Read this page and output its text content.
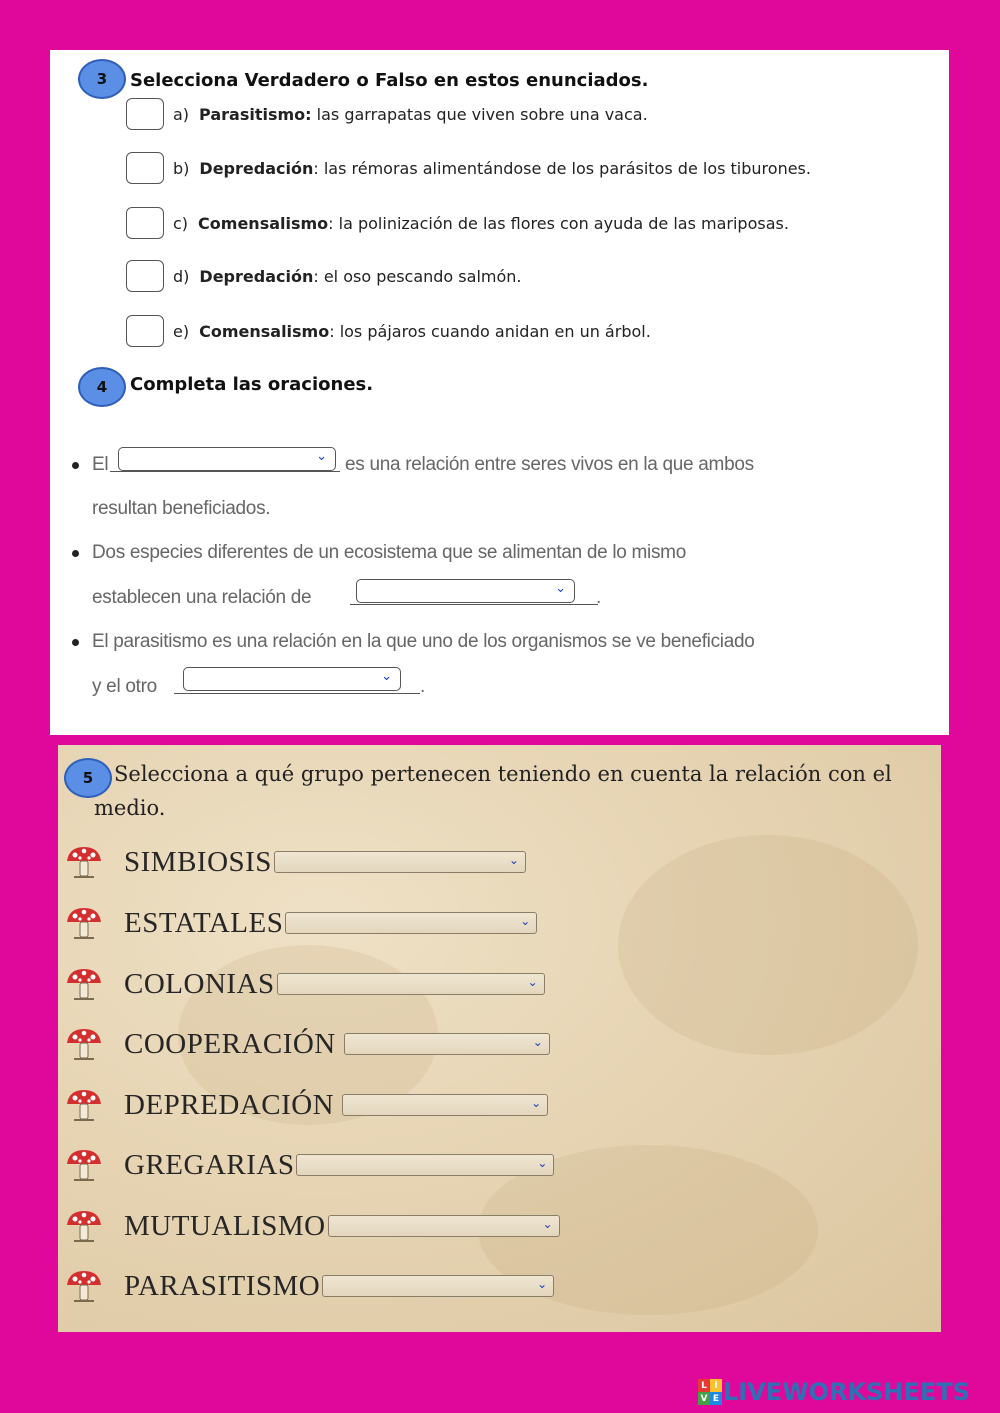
3	Selecciona Verdadero o Falso en estos enunciados.
a) Parasitismo: las garrapatas que viven sobre una vaca.
b) Depredación: las rémoras alimentándose de los parásitos de los tiburones.
c) Comensalismo: la polinización de las flores con ayuda de las mariposas.
d) Depredación: el oso pescando salmón.
e) Comensalismo: los pájaros cuando anidan en un árbol.
4	Completa las oraciones.
El	⌄ es una relación entre seres vivos en la que ambos
resultan beneficiados.
Dos especies diferentes de un ecosistema que se alimentan de lo mismo
establecen una relación de	⌄ .
El parasitismo es una relación en la que uno de los organismos se ve beneficiado
y el otro	⌄ .
5 Selecciona a qué grupo pertenecen teniendo en cuenta la relación con el medio.
SIMBIOSIS	⌄
ESTATALES	⌄
COLONIAS	⌄
COOPERACIÓN	⌄
DEPREDACIÓN	⌄
GREGARIAS	⌄
MUTUALISMO	⌄
PARASITISMO	⌄
L I
V E LIVEWORKSHEETS
